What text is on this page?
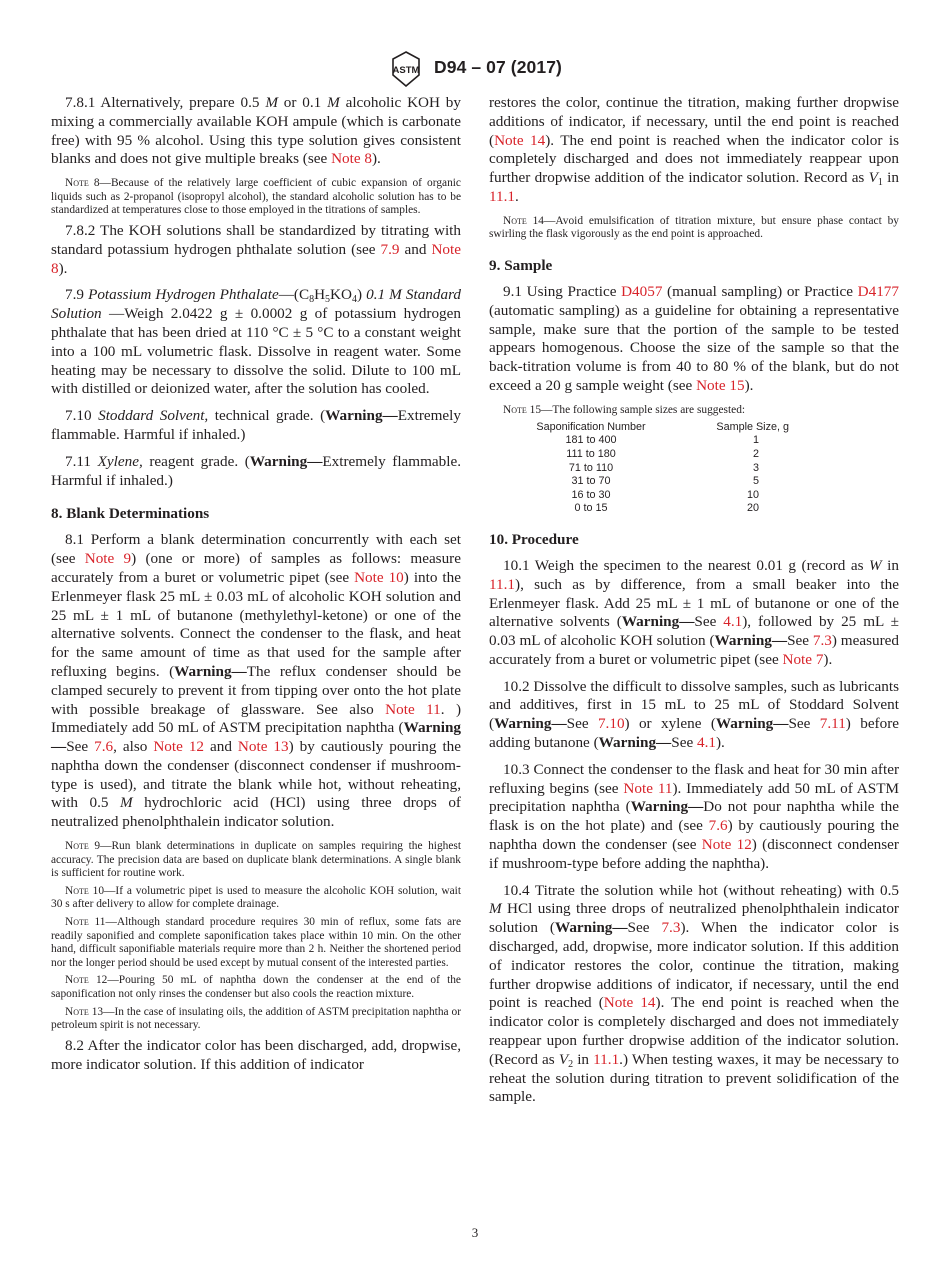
ASTM D94 – 07 (2017)

7.8.1 Alternatively, prepare 0.5 M or 0.1 M alcoholic KOH by mixing a commercially available KOH ampule (which is carbonate free) with 95 % alcohol. Using this type solution gives consistent blanks and does not give multiple breaks (see Note 8).

Note 8—Because of the relatively large coefficient of cubic expansion of organic liquids such as 2-propanol (isopropyl alcohol), the standard alcoholic solution has to be standardized at temperatures close to those employed in the titrations of samples.

7.8.2 The KOH solutions shall be standardized by titrating with standard potassium hydrogen phthalate solution (see 7.9 and Note 8).

7.9 Potassium Hydrogen $Phthalate—(C_8H_5KO_4)$ 0.1 M Standard Solution —Weigh 2.0422 g ± 0.0002 g of potassium hydrogen phthalate that has been dried at 110 °C ± 5 °C to a constant weight into a 100 mL volumetric flask. Dissolve in reagent water. Some heating may be necessary to dissolve the solid. Dilute to 100 mL with distilled or deionized water, after the solution has cooled.

7.10 Stoddard Solvent, technical grade. (Warning—Extremely flammable. Harmful if inhaled.)

7.11 Xylene, reagent grade. (Warning—Extremely flammable. Harmful if inhaled.)

8. Blank Determinations

8.1 Perform a blank determination concurrently with each set (see Note 9) (one or more) of samples as follows: measure accurately from a buret or volumetric pipet (see Note 10) into the Erlenmeyer flask 25 mL ± 0.03 mL of alcoholic KOH solution and 25 mL ± 1 mL of butanone (methylethyl-ketone) or one of the alternative solvents. Connect the condenser to the flask, and heat for the same amount of time as that used for the sample after refluxing begins. (Warning—The reflux condenser should be clamped securely to prevent it from tipping over onto the hot plate with possible breakage of glassware. See also Note 11. ) Immediately add 50 mL of ASTM precipitation naphtha (Warning—See 7.6, also Note 12 and Note 13) by cautiously pouring the naphtha down the condenser (disconnect condenser if mushroom-type is used), and titrate the blank while hot, without reheating, with 0.5 M hydrochloric acid (HCl) using three drops of neutralized phenolphthalein indicator solution.

Note 9—Run blank determinations in duplicate on samples requiring the highest accuracy. The precision data are based on duplicate blank determinations. A single blank is sufficient for routine work.

Note 10—If a volumetric pipet is used to measure the alcoholic KOH solution, wait 30 s after delivery to allow for complete drainage.

Note 11—Although standard procedure requires 30 min of reflux, some fats are readily saponified and complete saponification takes place within 10 min. On the other hand, difficult saponifiable materials require more than 2 h. Neither the shortened period nor the longer period should be used except by mutual consent of the interested parties.

Note 12—Pouring 50 mL of naphtha down the condenser at the end of the saponification not only rinses the condenser but also cools the reaction mixture.

Note 13—In the case of insulating oils, the addition of ASTM precipitation naphtha or petroleum spirit is not necessary.

8.2 After the indicator color has been discharged, add, dropwise, more indicator solution. If this addition of indicator

restores the color, continue the titration, making further dropwise additions of indicator, if necessary, until the end point is reached (Note 14). The end point is reached when the indicator color is completely discharged and does not immediately reappear upon further dropwise addition of the indicator solution. Record as $V_1$ in 11.1.

Note 14—Avoid emulsification of titration mixture, but ensure phase contact by swirling the flask vigorously as the end point is approached.

9. Sample

9.1 Using Practice D4057 (manual sampling) or Practice D4177 (automatic sampling) as a guideline for obtaining a representative sample, make sure that the portion of the sample to be tested appears homogenous. Choose the size of the sample so that the back-titration volume is from 40 to 80 % of the blank, but do not exceed a 20 g sample weight (see Note 15).

Note 15—The following sample sizes are suggested:

Saponification Number	Sample Size, g
181 to 400	1
111 to 180	2
71 to 110	3
31 to 70	5
16 to 30	10
0 to 15	20
10. Procedure

10.1 Weigh the specimen to the nearest 0.01 g (record as W in 11.1), such as by difference, from a small beaker into the Erlenmeyer flask. Add 25 mL ± 1 mL of butanone or one of the alternative solvents (Warning—See 4.1), followed by 25 mL ± 0.03 mL of alcoholic KOH solution (Warning—See 7.3) measured accurately from a buret or volumetric pipet (see Note 7).

10.2 Dissolve the difficult to dissolve samples, such as lubricants and additives, first in 15 mL to 25 mL of Stoddard Solvent (Warning—See 7.10) or xylene (Warning—See 7.11) before adding butanone (Warning—See 4.1).

10.3 Connect the condenser to the flask and heat for 30 min after refluxing begins (see Note 11). Immediately add 50 mL of ASTM precipitation naphtha (Warning—Do not pour naphtha while the flask is on the hot plate) and (see 7.6) by cautiously pouring the naphtha down the condenser (see Note 12) (disconnect condenser if mushroom-type before adding the naphtha).

10.4 Titrate the solution while hot (without reheating) with 0.5 M HCl using three drops of neutralized phenolphthalein indicator solution (Warning—See 7.3). When the indicator color is discharged, add, dropwise, more indicator solution. If this addition of indicator restores the color, continue the titration, making further dropwise additions of indicator, if necessary, until the end point is reached (Note 14). The end point is reached when the indicator color is completely discharged and does not immediately reappear upon further dropwise addition of the indicator solution. (Record as $V_2$ in 11.1.) When testing waxes, it may be necessary to reheat the solution during titration to prevent solidification of the sample.

3
